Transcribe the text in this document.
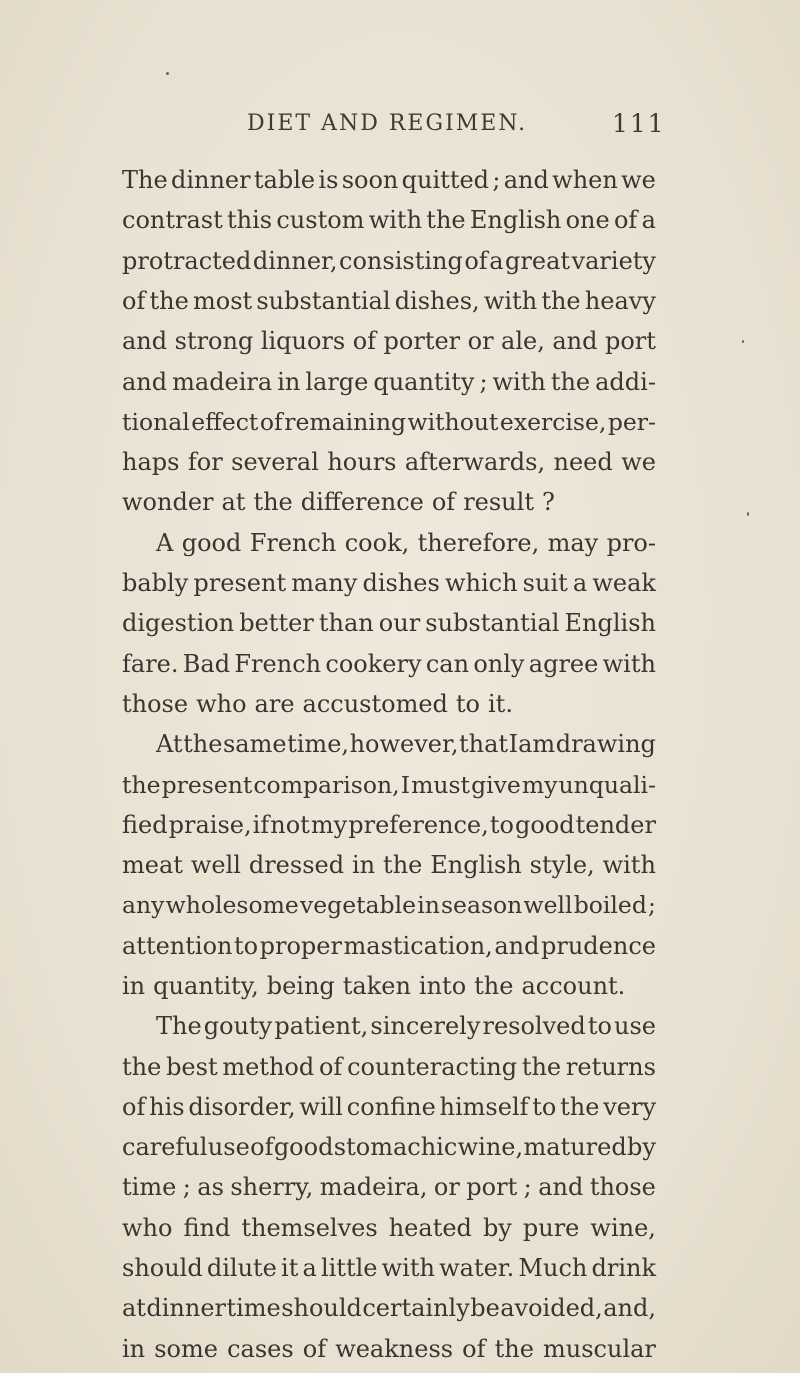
DIET AND REGIMEN.	111
The dinner table is soon quitted ; and when we
contrast this custom with the English one of a
protracted dinner, consisting of a great variety
of the most substantial dishes, with the heavy
and strong liquors of porter or ale, and port
and madeira in large quantity ; with the addi-
tional effect of remaining without exercise, per-
haps for several hours afterwards, need we
wonder at the difference of result ?
A good French cook, therefore, may pro-
bably present many dishes which suit a weak
digestion better than our substantial English
fare. Bad French cookery can only agree with
those who are accustomed to it.
At the same time, however, that Iam drawing
the present comparison, I must give my unquali-
fied praise, if not my preference, to good tender
meat well dressed in the English style, with
any wholesome vegetable in season well boiled ;
attention to proper mastication, and prudence
in quantity, being taken into the account.
The gouty patient, sincerely resolved to use
the best method of counteracting the returns
of his disorder, will confine himself to the very
careful use of good stomachic wine, matured by
time ; as sherry, madeira, or port ; and those
who find themselves heated by pure wine,
should dilute it a little with water. Much drink
at dinner time should certainly be avoided, and,
in some cases of weakness of the muscular
